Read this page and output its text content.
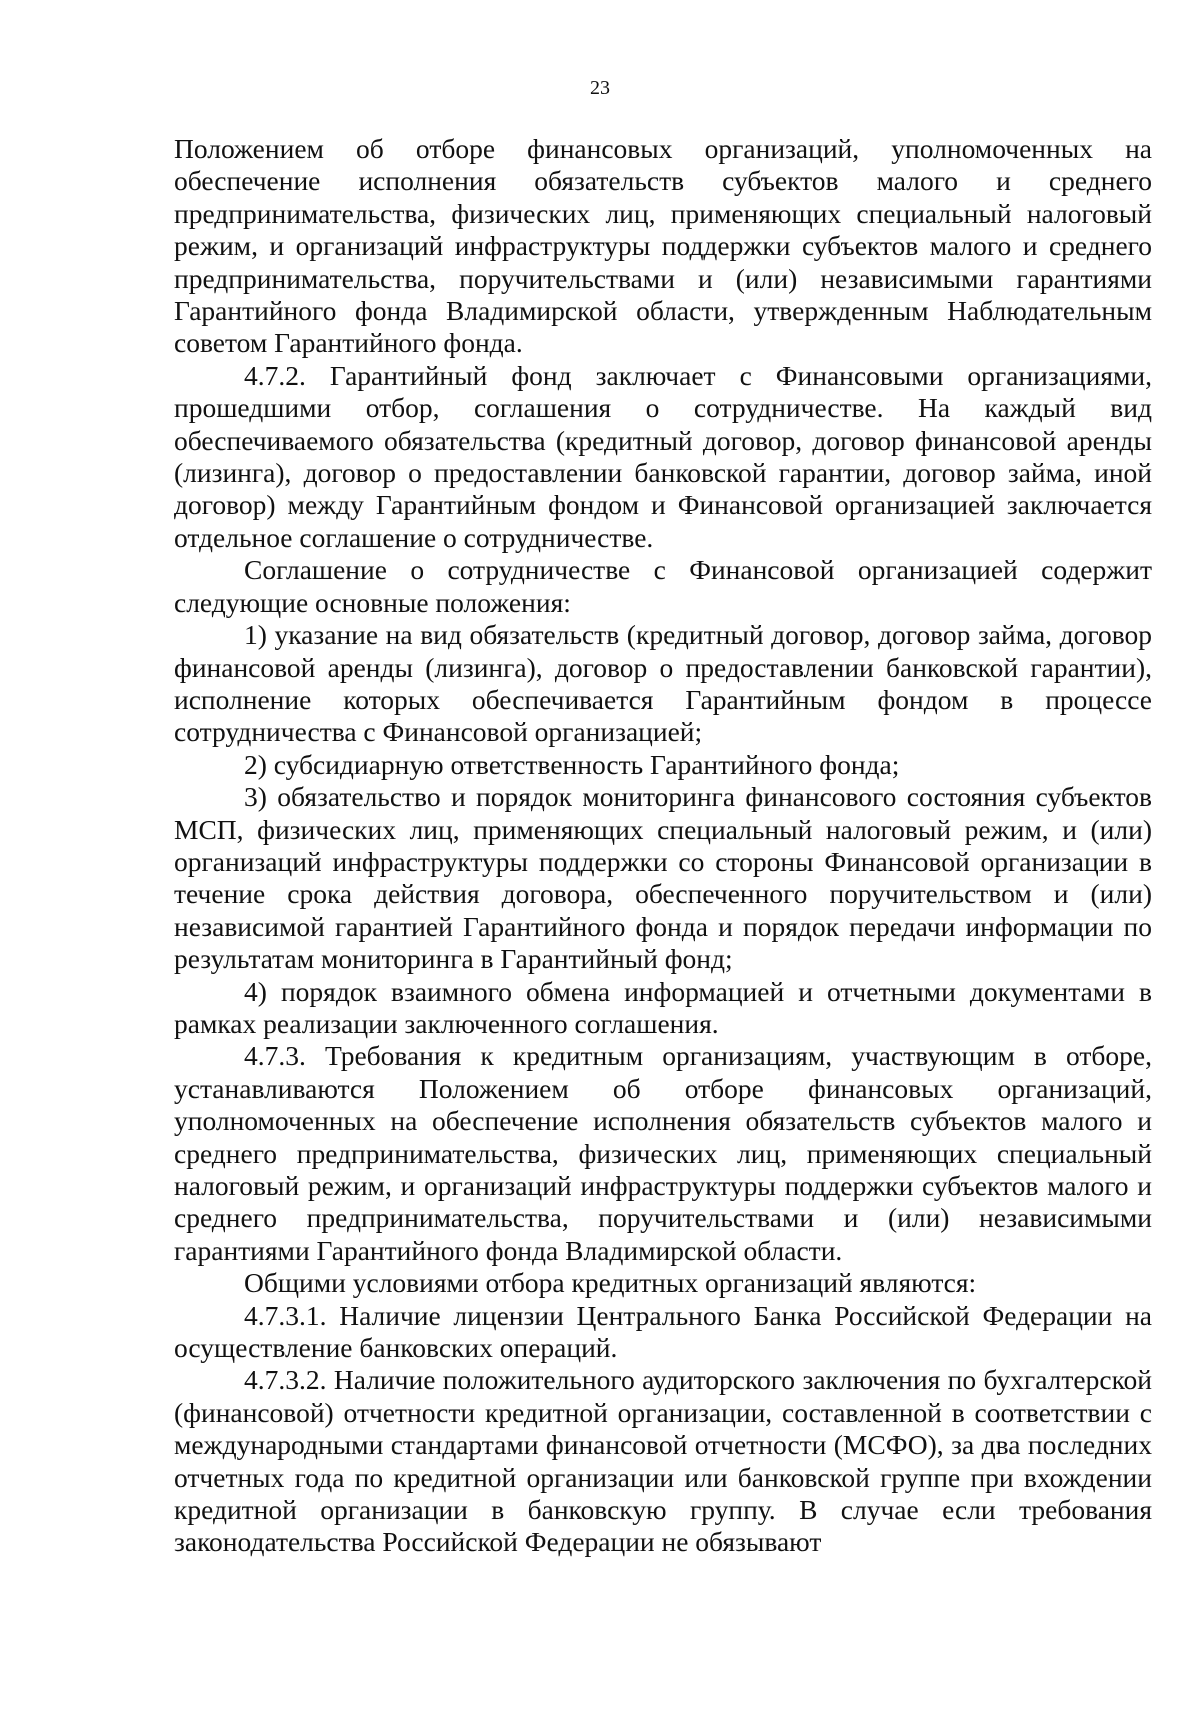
23

Положением об отборе финансовых организаций, уполномоченных на обеспечение исполнения обязательств субъектов малого и среднего предпринимательства, физических лиц, применяющих специальный налоговый режим, и организаций инфраструктуры поддержки субъектов малого и среднего предпринимательства, поручительствами и (или) независимыми гарантиями Гарантийного фонда Владимирской области, утвержденным Наблюдательным советом Гарантийного фонда.

4.7.2. Гарантийный фонд заключает с Финансовыми организациями, прошедшими отбор, соглашения о сотрудничестве. На каждый вид обеспечиваемого обязательства (кредитный договор, договор финансовой аренды (лизинга), договор о предоставлении банковской гарантии, договор займа, иной договор) между Гарантийным фондом и Финансовой организацией заключается отдельное соглашение о сотрудничестве.

Соглашение о сотрудничестве с Финансовой организацией содержит следующие основные положения:

1) указание на вид обязательств (кредитный договор, договор займа, договор финансовой аренды (лизинга), договор о предоставлении банковской гарантии), исполнение которых обеспечивается Гарантийным фондом в процессе сотрудничества с Финансовой организацией;

2) субсидиарную ответственность Гарантийного фонда;

3) обязательство и порядок мониторинга финансового состояния субъектов МСП, физических лиц, применяющих специальный налоговый режим, и (или) организаций инфраструктуры поддержки со стороны Финансовой организации в течение срока действия договора, обеспеченного поручительством и (или) независимой гарантией Гарантийного фонда и порядок передачи информации по результатам мониторинга в Гарантийный фонд;

4) порядок взаимного обмена информацией и отчетными документами в рамках реализации заключенного соглашения.

4.7.3. Требования к кредитным организациям, участвующим в отборе, устанавливаются Положением об отборе финансовых организаций, уполномоченных на обеспечение исполнения обязательств субъектов малого и среднего предпринимательства, физических лиц, применяющих специальный налоговый режим, и организаций инфраструктуры поддержки субъектов малого и среднего предпринимательства, поручительствами и (или) независимыми гарантиями Гарантийного фонда Владимирской области.

Общими условиями отбора кредитных организаций являются:

4.7.3.1. Наличие лицензии Центрального Банка Российской Федерации на осуществление банковских операций.

4.7.3.2. Наличие положительного аудиторского заключения по бухгалтерской (финансовой) отчетности кредитной организации, составленной в соответствии с международными стандартами финансовой отчетности (МСФО), за два последних отчетных года по кредитной организации или банковской группе при вхождении кредитной организации в банковскую группу. В случае если требования законодательства Российской Федерации не обязывают
